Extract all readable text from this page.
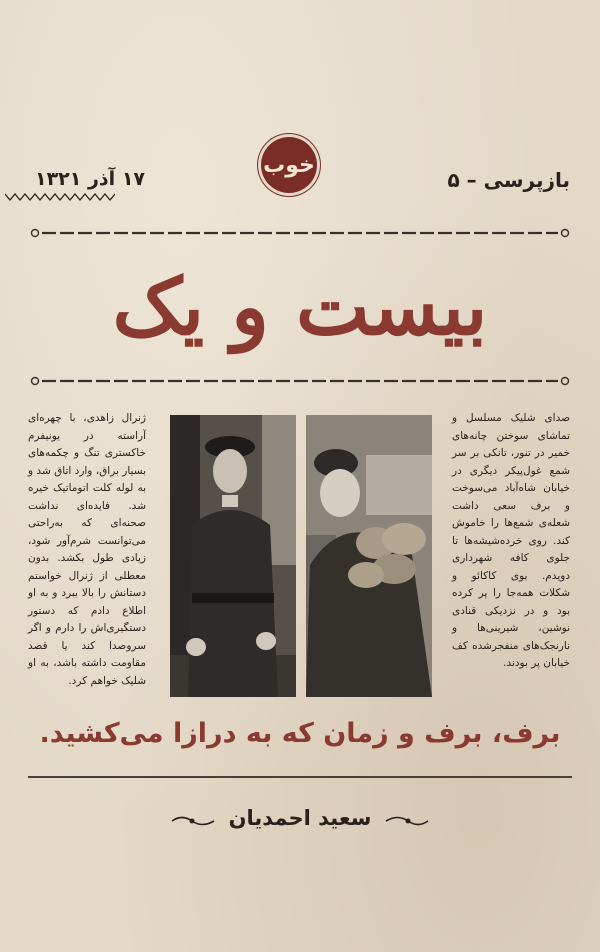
بازپرسی – ۵
۱۷ آذر ۱۳۲۱
خوب
بیست و یک
صدای شلیک مسلسل و تماشای سوختن چانه‌های خمیر در تنور، تانکی بر سر شمع غول‌پیکر دیگری در خیابان شاه‌آباد می‌سوخت و برف سعی داشت شعله‌ی شمع‌ها را خاموش کند. روی خرده‌شیشه‌ها تا جلوی کافه شهرداری دویدم. بوی کاکائو و شکلات همه‌جا را پر کرده بود و در نزدیکی قنادی نوشین، شیرینی‌ها و نارنجک‌های منفجرشده کف خیابان پر بودند.
ژنرال زاهدی، با چهره‌ای آراسته در یونیفرم خاکستری تنگ و چکمه‌های بسیار براق، وارد اتاق شد و به لوله کلت اتوماتیک خیره شد. فایده‌ای نداشت صحنه‌ای که به‌راحتی می‌توانست شرم‌آور شود، زیادی طول بکشد. بدون معطلی از ژنرال خواستم دستانش را بالا ببرد و به او اطلاع دادم که دستور دستگیری‌اش را دارم و اگر سروصدا کند یا قصد مقاومت داشته باشد، به او شلیک خواهم کرد.
برف، برف و زمان که به درازا می‌کشید.
سعید احمدیان
